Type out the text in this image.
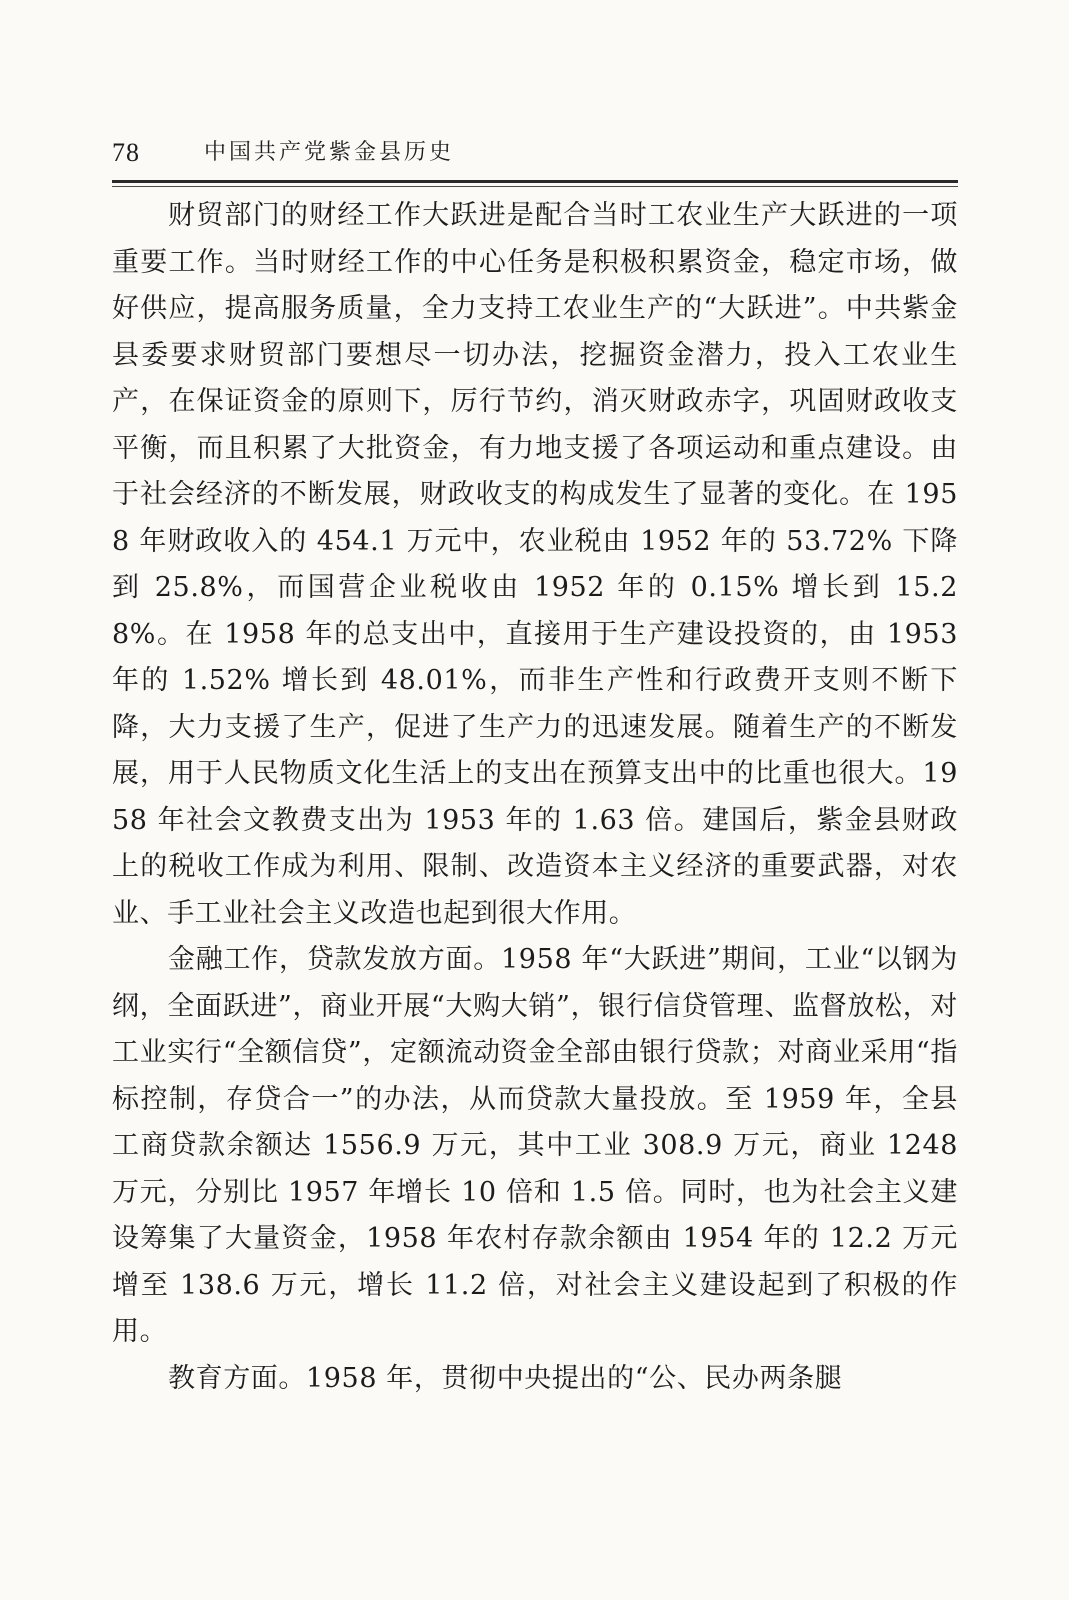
78	中国共产党紫金县历史

财贸部门的财经工作大跃进是配合当时工农业生产大跃进的一项重要工作。当时财经工作的中心任务是积极积累资金，稳定市场，做好供应，提高服务质量，全力支持工农业生产的“大跃进”。中共紫金县委要求财贸部门要想尽一切办法，挖掘资金潜力，投入工农业生产，在保证资金的原则下，厉行节约，消灭财政赤字，巩固财政收支平衡，而且积累了大批资金，有力地支援了各项运动和重点建设。由于社会经济的不断发展，财政收支的构成发生了显著的变化。在 1958 年财政收入的 454.1 万元中，农业税由 1952 年的 53.72% 下降到 25.8%，而国营企业税收由 1952 年的 0.15% 增长到 15.28%。在 1958 年的总支出中，直接用于生产建设投资的，由 1953 年的 1.52% 增长到 48.01%，而非生产性和行政费开支则不断下降，大力支援了生产，促进了生产力的迅速发展。随着生产的不断发展，用于人民物质文化生活上的支出在预算支出中的比重也很大。1958 年社会文教费支出为 1953 年的 1.63 倍。建国后，紫金县财政上的税收工作成为利用、限制、改造资本主义经济的重要武器，对农业、手工业社会主义改造也起到很大作用。

金融工作，贷款发放方面。1958 年“大跃进”期间，工业“以钢为纲，全面跃进”，商业开展“大购大销”，银行信贷管理、监督放松，对工业实行“全额信贷”，定额流动资金全部由银行贷款；对商业采用“指标控制，存贷合一”的办法，从而贷款大量投放。至 1959 年，全县工商贷款余额达 1556.9 万元，其中工业 308.9 万元，商业 1248 万元，分别比 1957 年增长 10 倍和 1.5 倍。同时，也为社会主义建设筹集了大量资金，1958 年农村存款余额由 1954 年的 12.2 万元增至 138.6 万元，增长 11.2 倍，对社会主义建设起到了积极的作用。

教育方面。1958 年，贯彻中央提出的“公、民办两条腿
